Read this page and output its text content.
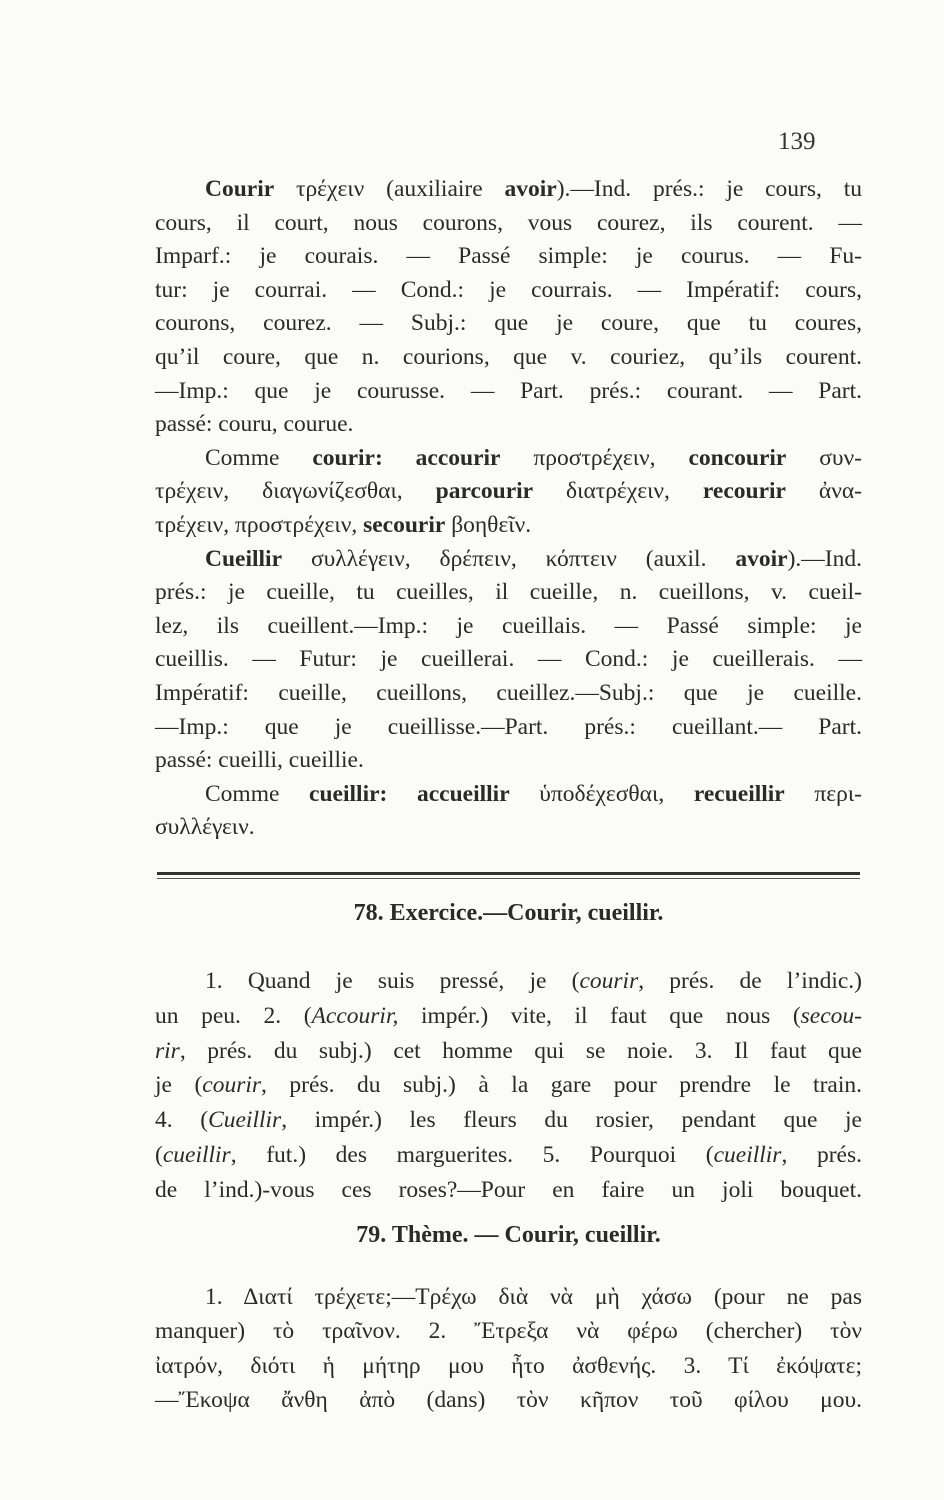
139
Courir τρέχειν (auxiliaire avoir).—Ind. prés.: je cours, tu
cours, il court, nous courons, vous courez, ils courent. —
Imparf.: je courais. — Passé simple: je courus. — Fu-
tur: je courrai. — Cond.: je courrais. — Impératif: cours,
courons, courez. — Subj.: que je coure, que tu coures,
qu’il coure, que n. courions, que v. couriez, qu’ils courent.
—Imp.: que je courusse. — Part. prés.: courant. — Part.
passé: couru, courue.
Comme courir: accourir προστρέχειν, concourir συν-
τρέχειν, διαγωνίζεσθαι, parcourir διατρέχειν, recourir ἀνα-
τρέχειν, προστρέχειν, secourir βοηθεῖν.
Cueillir συλλέγειν, δρέπειν, κόπτειν (auxil. avoir).—Ind.
prés.: je cueille, tu cueilles, il cueille, n. cueillons, v. cueil-
lez, ils cueillent.—Imp.: je cueillais. — Passé simple: je
cueillis. — Futur: je cueillerai. — Cond.: je cueillerais. —
Impératif: cueille, cueillons, cueillez.—Subj.: que je cueille.
—Imp.: que je cueillisse.—Part. prés.: cueillant.— Part.
passé: cueilli, cueillie.
Comme cueillir: accueillir ὑποδέχεσθαι, recueillir περι-
συλλέγειν.
78. Exercice.—Courir, cueillir.
1. Quand je suis pressé, je (courir, prés. de l’indic.)
un peu. 2. (Accourir, impér.) vite, il faut que nous (secou-
rir, prés. du subj.) cet homme qui se noie. 3. Il faut que
je (courir, prés. du subj.) à la gare pour prendre le train.
4. (Cueillir, impér.) les fleurs du rosier, pendant que je
(cueillir, fut.) des marguerites. 5. Pourquoi (cueillir, prés.
de l’ind.)-vous ces roses?—Pour en faire un joli bouquet.
79. Thème. — Courir, cueillir.
1. Διατί τρέχετε;—Τρέχω διὰ νὰ μὴ χάσω (pour ne pas
manquer) τὸ τραῖνον. 2. Ἔτρεξα νὰ φέρω (chercher) τὸν
ἰατρόν, διότι ἡ μήτηρ μου ἦτο ἀσθενής. 3. Τί ἐκόψατε;
—Ἔκοψα ἄνθη ἀπὸ (dans) τὸν κῆπον τοῦ φίλου μου.
